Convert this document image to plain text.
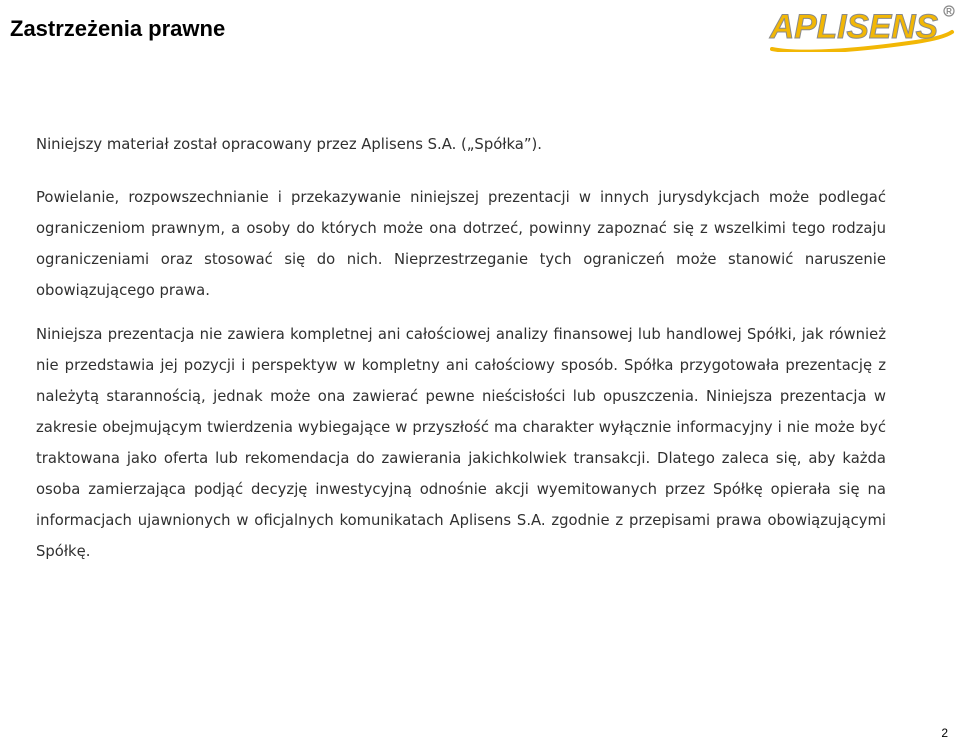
Zastrzeżenia prawne	APLISENS R

Niniejszy materiał został opracowany przez Aplisens S.A. („Spółka”).

Powielanie, rozpowszechnianie i przekazywanie niniejszej prezentacji w innych jurysdykcjach może podlegać ograniczeniom prawnym, a osoby do których może ona dotrzeć, powinny zapoznać się z wszelkimi tego rodzaju ograniczeniami oraz stosować się do nich. Nieprzestrzeganie tych ograniczeń może stanowić naruszenie obowiązującego prawa.

Niniejsza prezentacja nie zawiera kompletnej ani całościowej analizy finansowej lub handlowej Spółki, jak również nie przedstawia jej pozycji i perspektyw w kompletny ani całościowy sposób. Spółka przygotowała prezentację z należytą starannością, jednak może ona zawierać pewne nieścisłości lub opuszczenia. Niniejsza prezentacja w zakresie obejmującym twierdzenia wybiegające w przyszłość ma charakter wyłącznie informacyjny i nie może być traktowana jako oferta lub rekomendacja do zawierania jakichkolwiek transakcji. Dlatego zaleca się, aby każda osoba zamierzająca podjąć decyzję inwestycyjną odnośnie akcji wyemitowanych przez Spółkę opierała się na informacjach ujawnionych w oficjalnych komunikatach Aplisens S.A. zgodnie z przepisami prawa obowiązującymi Spółkę.

2
